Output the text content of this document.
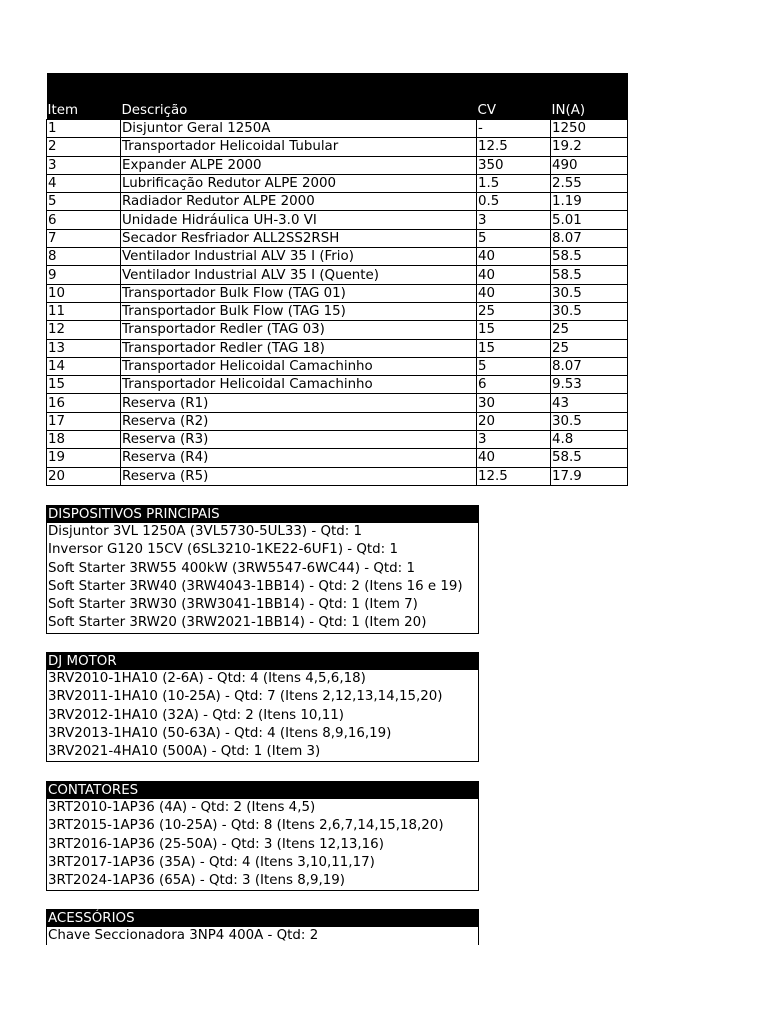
Item	Descrição	CV	IN(A)
1	Disjuntor Geral 1250A	-	1250
2	Transportador Helicoidal Tubular	12.5	19.2
3	Expander ALPE 2000	350	490
4	Lubrificação Redutor ALPE 2000	1.5	2.55
5	Radiador Redutor ALPE 2000	0.5	1.19
6	Unidade Hidráulica UH-3.0 VI	3	5.01
7	Secador Resfriador ALL2SS2RSH	5	8.07
8	Ventilador Industrial ALV 35 I (Frio)	40	58.5
9	Ventilador Industrial ALV 35 I (Quente)	40	58.5
10	Transportador Bulk Flow (TAG 01)	40	30.5
11	Transportador Bulk Flow (TAG 15)	25	30.5
12	Transportador Redler (TAG 03)	15	25
13	Transportador Redler (TAG 18)	15	25
14	Transportador Helicoidal Camachinho	5	8.07
15	Transportador Helicoidal Camachinho	6	9.53
16	Reserva (R1)	30	43
17	Reserva (R2)	20	30.5
18	Reserva (R3)	3	4.8
19	Reserva (R4)	40	58.5
20	Reserva (R5)	12.5	17.9
DISPOSITIVOS PRINCIPAIS
Disjuntor 3VL 1250A (3VL5730-5UL33) - Qtd: 1
Inversor G120 15CV (6SL3210-1KE22-6UF1) - Qtd: 1
Soft Starter 3RW55 400kW (3RW5547-6WC44) - Qtd: 1
Soft Starter 3RW40 (3RW4043-1BB14) - Qtd: 2 (Itens 16 e 19)
Soft Starter 3RW30 (3RW3041-1BB14) - Qtd: 1 (Item 7)
Soft Starter 3RW20 (3RW2021-1BB14) - Qtd: 1 (Item 20)
DJ MOTOR
3RV2010-1HA10 (2-6A) - Qtd: 4 (Itens 4,5,6,18)
3RV2011-1HA10 (10-25A) - Qtd: 7 (Itens 2,12,13,14,15,20)
3RV2012-1HA10 (32A) - Qtd: 2 (Itens 10,11)
3RV2013-1HA10 (50-63A) - Qtd: 4 (Itens 8,9,16,19)
3RV2021-4HA10 (500A) - Qtd: 1 (Item 3)
CONTATORES
3RT2010-1AP36 (4A) - Qtd: 2 (Itens 4,5)
3RT2015-1AP36 (10-25A) - Qtd: 8 (Itens 2,6,7,14,15,18,20)
3RT2016-1AP36 (25-50A) - Qtd: 3 (Itens 12,13,16)
3RT2017-1AP36 (35A) - Qtd: 4 (Itens 3,10,11,17)
3RT2024-1AP36 (65A) - Qtd: 3 (Itens 8,9,19)
ACESSÓRIOS
Chave Seccionadora 3NP4 400A - Qtd: 2
